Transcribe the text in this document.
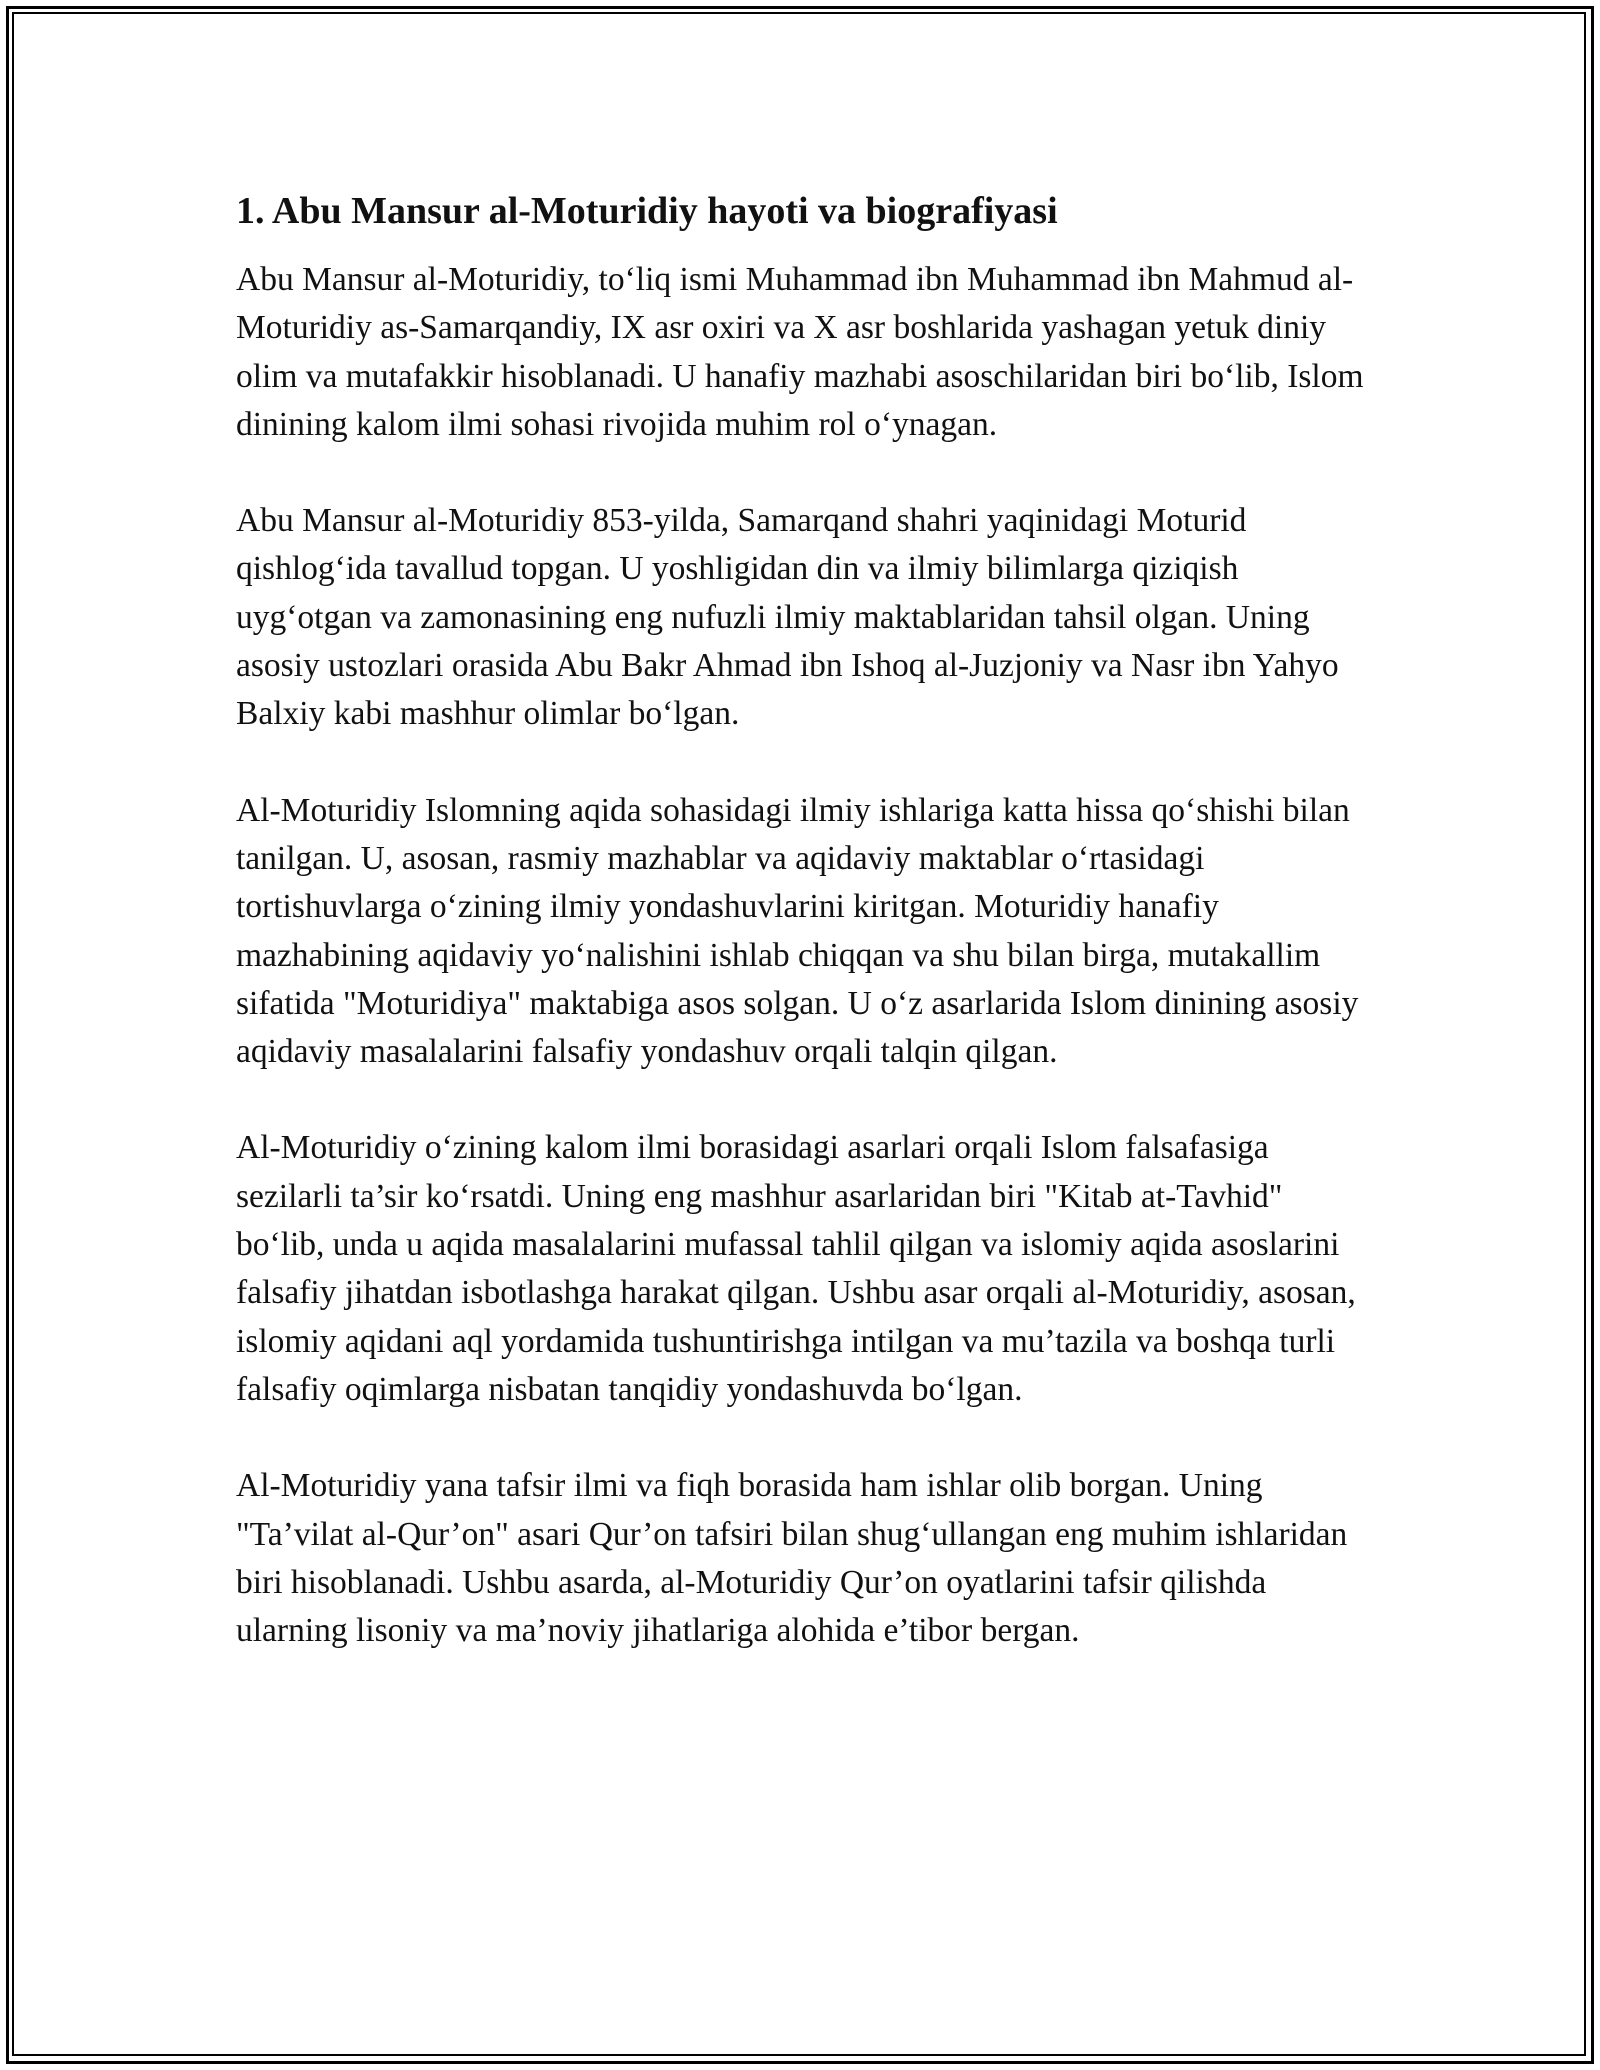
1. Abu Mansur al-Moturidiy hayoti va biografiyasi

Abu Mansur al-Moturidiy, to‘liq ismi Muhammad ibn Muhammad ibn Mahmud al-Moturidiy as-Samarqandiy, IX asr oxiri va X asr boshlarida yashagan yetuk diniy olim va mutafakkir hisoblanadi. U hanafiy mazhabi asoschilaridan biri bo‘lib, Islom dinining kalom ilmi sohasi rivojida muhim rol o‘ynagan.

Abu Mansur al-Moturidiy 853-yilda, Samarqand shahri yaqinidagi Moturid qishlog‘ida tavallud topgan. U yoshligidan din va ilmiy bilimlarga qiziqish uyg‘otgan va zamonasining eng nufuzli ilmiy maktablaridan tahsil olgan. Uning asosiy ustozlari orasida Abu Bakr Ahmad ibn Ishoq al-Juzjoniy va Nasr ibn Yahyo Balxiy kabi mashhur olimlar bo‘lgan.

Al-Moturidiy Islomning aqida sohasidagi ilmiy ishlariga katta hissa qo‘shishi bilan tanilgan. U, asosan, rasmiy mazhablar va aqidaviy maktablar o‘rtasidagi tortishuvlarga o‘zining ilmiy yondashuvlarini kiritgan. Moturidiy hanafiy mazhabining aqidaviy yo‘nalishini ishlab chiqqan va shu bilan birga, mutakallim sifatida "Moturidiya" maktabiga asos solgan. U o‘z asarlarida Islom dinining asosiy aqidaviy masalalarini falsafiy yondashuv orqali talqin qilgan.

Al-Moturidiy o‘zining kalom ilmi borasidagi asarlari orqali Islom falsafasiga sezilarli ta’sir ko‘rsatdi. Uning eng mashhur asarlaridan biri "Kitab at-Tavhid" bo‘lib, unda u aqida masalalarini mufassal tahlil qilgan va islomiy aqida asoslarini falsafiy jihatdan isbotlashga harakat qilgan. Ushbu asar orqali al-Moturidiy, asosan, islomiy aqidani aql yordamida tushuntirishga intilgan va mu’tazila va boshqa turli falsafiy oqimlarga nisbatan tanqidiy yondashuvda bo‘lgan.

Al-Moturidiy yana tafsir ilmi va fiqh borasida ham ishlar olib borgan. Uning "Ta’vilat al-Qur’on" asari Qur’on tafsiri bilan shug‘ullangan eng muhim ishlaridan biri hisoblanadi. Ushbu asarda, al-Moturidiy Qur’on oyatlarini tafsir qilishda ularning lisoniy va ma’noviy jihatlariga alohida e’tibor bergan.
